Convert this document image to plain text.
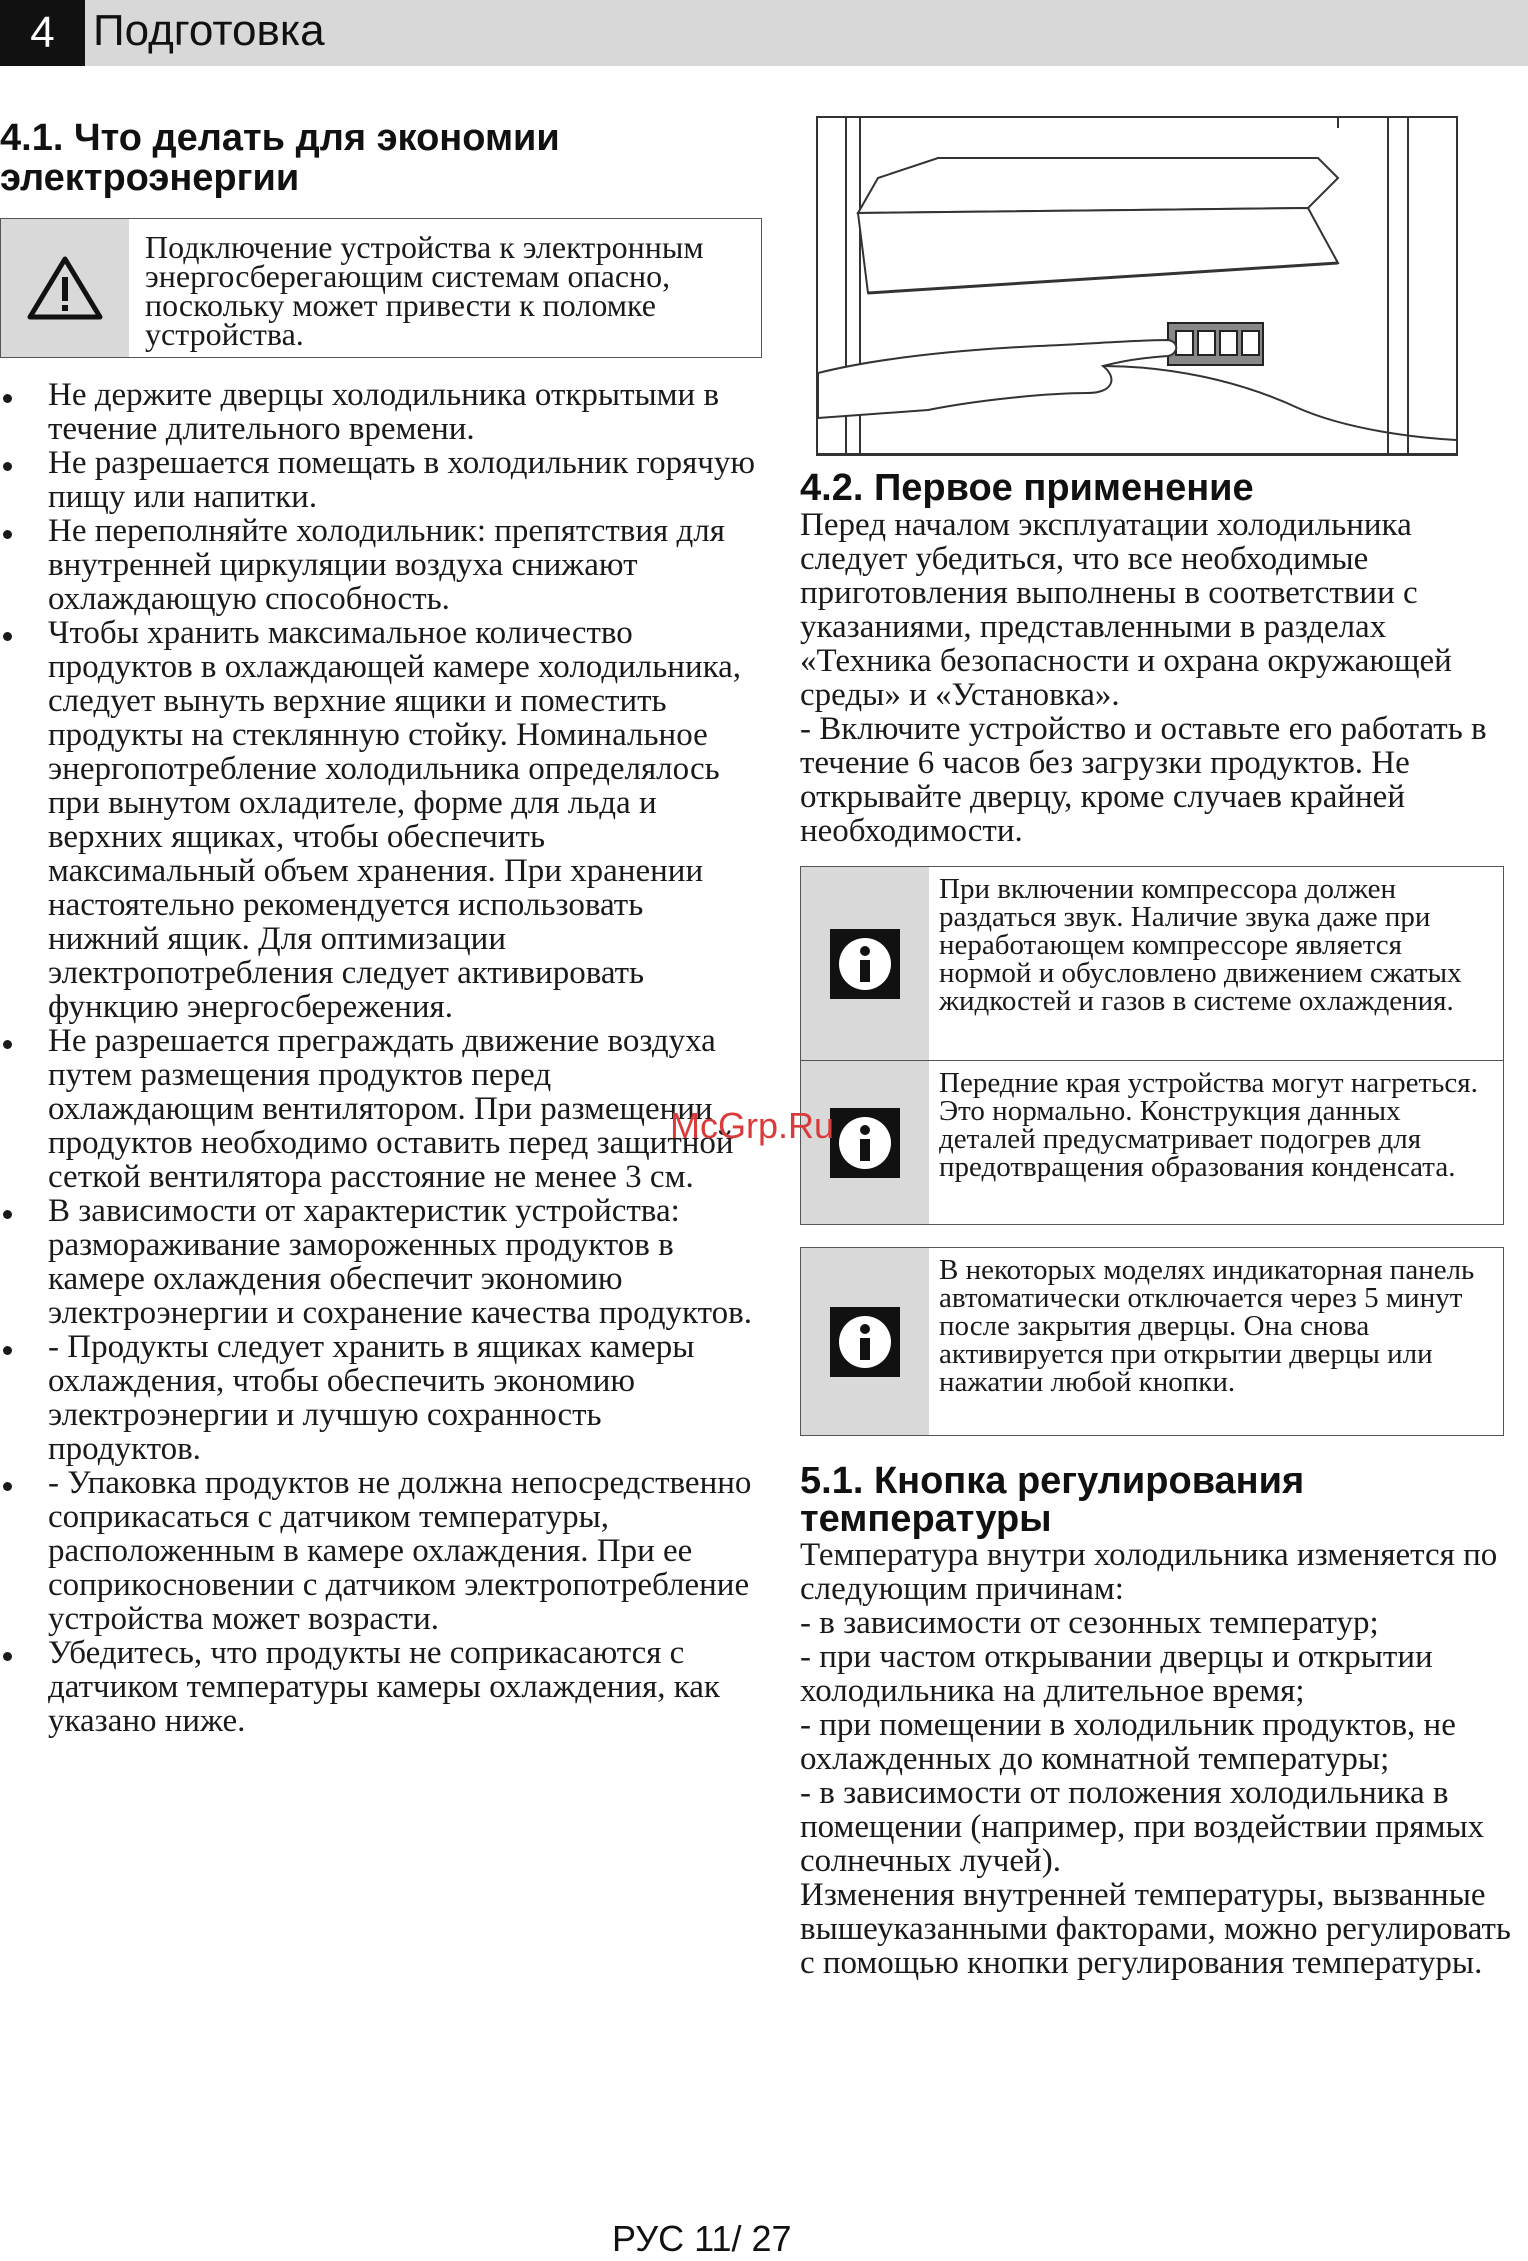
4 Подготовка
4.1. Что делать для экономии электроэнергии
Подключение устройства к электронным энергосберегающим системам опасно, поскольку может привести к поломке устройства.
Не держите дверцы холодильника открытыми в течение длительного времени.
Не разрешается помещать в холодильник горячую пищу или напитки.
Не переполняйте холодильник: препятствия для внутренней циркуляции воздуха снижают охлаждающую способность.
Чтобы хранить максимальное количество продуктов в охлаждающей камере холодильника, следует вынуть верхние ящики и поместить продукты на стеклянную стойку. Номинальное энергопотребление холодильника определялось при вынутом охладителе, форме для льда и верхних ящиках, чтобы обеспечить максимальный объем хранения. При хранении настоятельно рекомендуется использовать нижний ящик. Для оптимизации электропотребления следует активировать функцию энергосбережения.
Не разрешается преграждать движение воздуха путем размещения продуктов перед охлаждающим вентилятором. При размещении продуктов необходимо оставить перед защитной сеткой вентилятора расстояние не менее 3 см.
В зависимости от характеристик устройства: размораживание замороженных продуктов в камере охлаждения обеспечит экономию электроэнергии и сохранение качества продуктов.
- Продукты следует хранить в ящиках камеры охлаждения, чтобы обеспечить экономию электроэнергии и лучшую сохранность продуктов.
- Упаковка продуктов не должна непосредственно соприкасаться с датчиком температуры, расположенным в камере охлаждения. При ее соприкосновении с датчиком электропотребление устройства может возрасти.
Убедитесь, что продукты не соприкасаются с датчиком температуры камеры охлаждения, как указано ниже.
4.2. Первое применение

Перед началом эксплуатации холодильника следует убедиться, что все необходимые приготовления выполнены в соответствии с указаниями, представленными в разделах «Техника безопасности и охрана окружающей среды» и «Установка».

- Включите устройство и оставьте его работать в течение 6 часов без загрузки продуктов. Не открывайте дверцу, кроме случаев крайней необходимости.

При включении компрессора должен раздаться звук. Наличие звука даже при неработающем компрессоре является нормой и обусловлено движением сжатых жидкостей и газов в системе охлаждения.
Передние края устройства могут нагреться. Это нормально. Конструкция данных деталей предусматривает подогрев для предотвращения образования конденсата.
В некоторых моделях индикаторная панель автоматически отключается через 5 минут после закрытия дверцы. Она снова активируется при открытии дверцы или нажатии любой кнопки.
5.1. Кнопка регулирования температуры

Температура внутри холодильника изменяется по следующим причинам:

- в зависимости от сезонных температур;

- при частом открывании дверцы и открытии холодильника на длительное время;

- при помещении в холодильник продуктов, не охлажденных до комнатной температуры;

- в зависимости от положения холодильника в помещении (например, при воздействии прямых солнечных лучей).

Изменения внутренней температуры, вызванные вышеуказанными факторами, можно регулировать с помощью кнопки регулирования температуры.

McGrp.Ru
РУС 11/ 27
